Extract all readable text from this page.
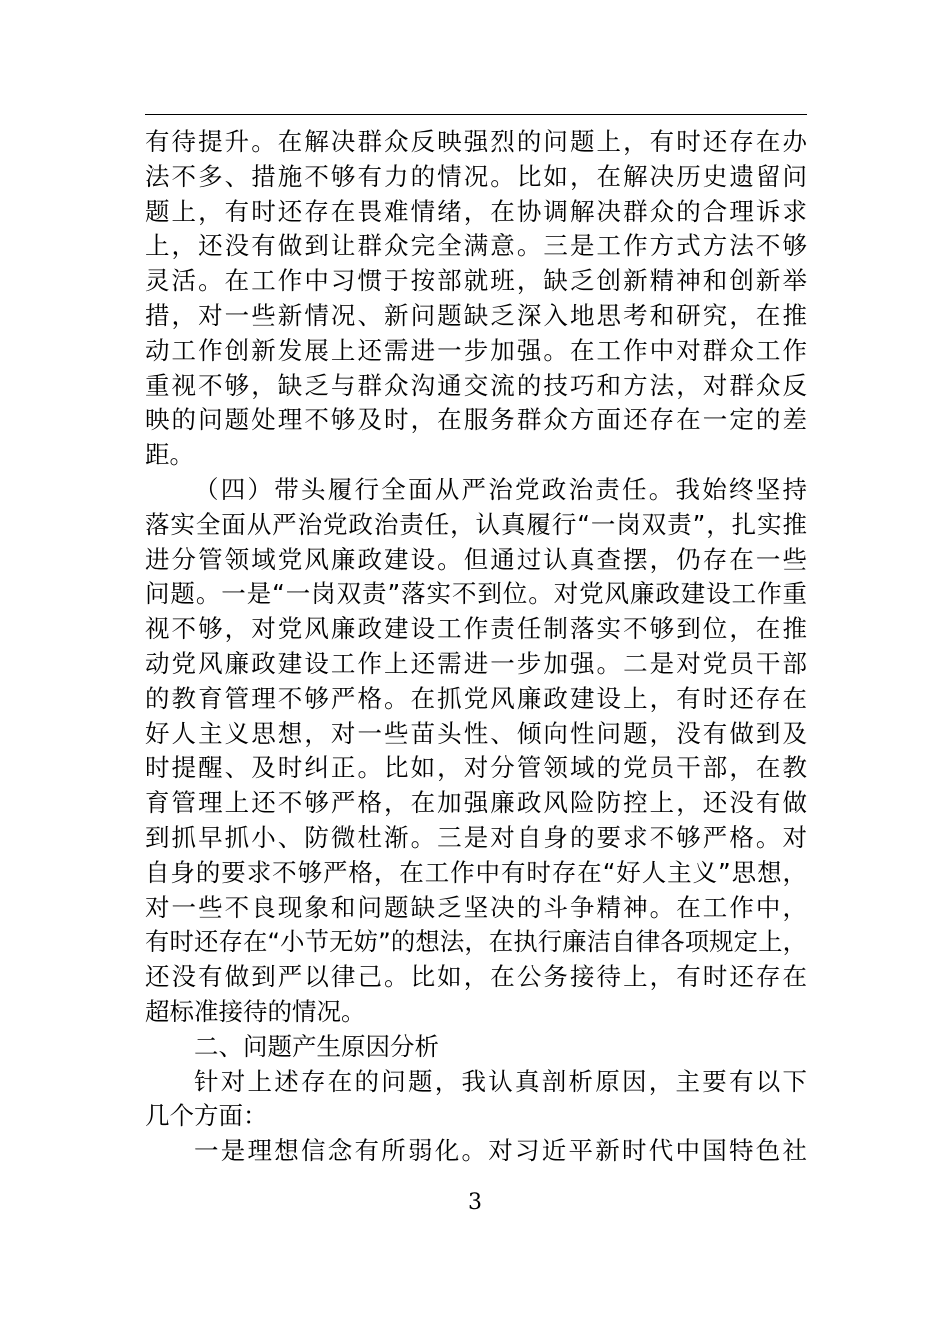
有待提升。在解决群众反映强烈的问题上，有时还存在办
法不多、措施不够有力的情况。比如，在解决历史遗留问
题上，有时还存在畏难情绪，在协调解决群众的合理诉求
上，还没有做到让群众完全满意。三是工作方式方法不够
灵活。在工作中习惯于按部就班，缺乏创新精神和创新举
措，对一些新情况、新问题缺乏深入地思考和研究，在推
动工作创新发展上还需进一步加强。在工作中对群众工作
重视不够，缺乏与群众沟通交流的技巧和方法，对群众反
映的问题处理不够及时，在服务群众方面还存在一定的差
距。
（四）带头履行全面从严治党政治责任。我始终坚持
落实全面从严治党政治责任，认真履行“一岗双责”，扎实推
进分管领域党风廉政建设。但通过认真查摆，仍存在一些
问题。一是“一岗双责”落实不到位。对党风廉政建设工作重
视不够，对党风廉政建设工作责任制落实不够到位，在推
动党风廉政建设工作上还需进一步加强。二是对党员干部
的教育管理不够严格。在抓党风廉政建设上，有时还存在
好人主义思想，对一些苗头性、倾向性问题，没有做到及
时提醒、及时纠正。比如，对分管领域的党员干部，在教
育管理上还不够严格，在加强廉政风险防控上，还没有做
到抓早抓小、防微杜渐。三是对自身的要求不够严格。对
自身的要求不够严格，在工作中有时存在“好人主义”思想，
对一些不良现象和问题缺乏坚决的斗争精神。在工作中，
有时还存在“小节无妨”的想法，在执行廉洁自律各项规定上，
还没有做到严以律己。比如，在公务接待上，有时还存在
超标准接待的情况。
二、问题产生原因分析
针对上述存在的问题，我认真剖析原因，主要有以下
几个方面：
一是理想信念有所弱化。对习近平新时代中国特色社
3
